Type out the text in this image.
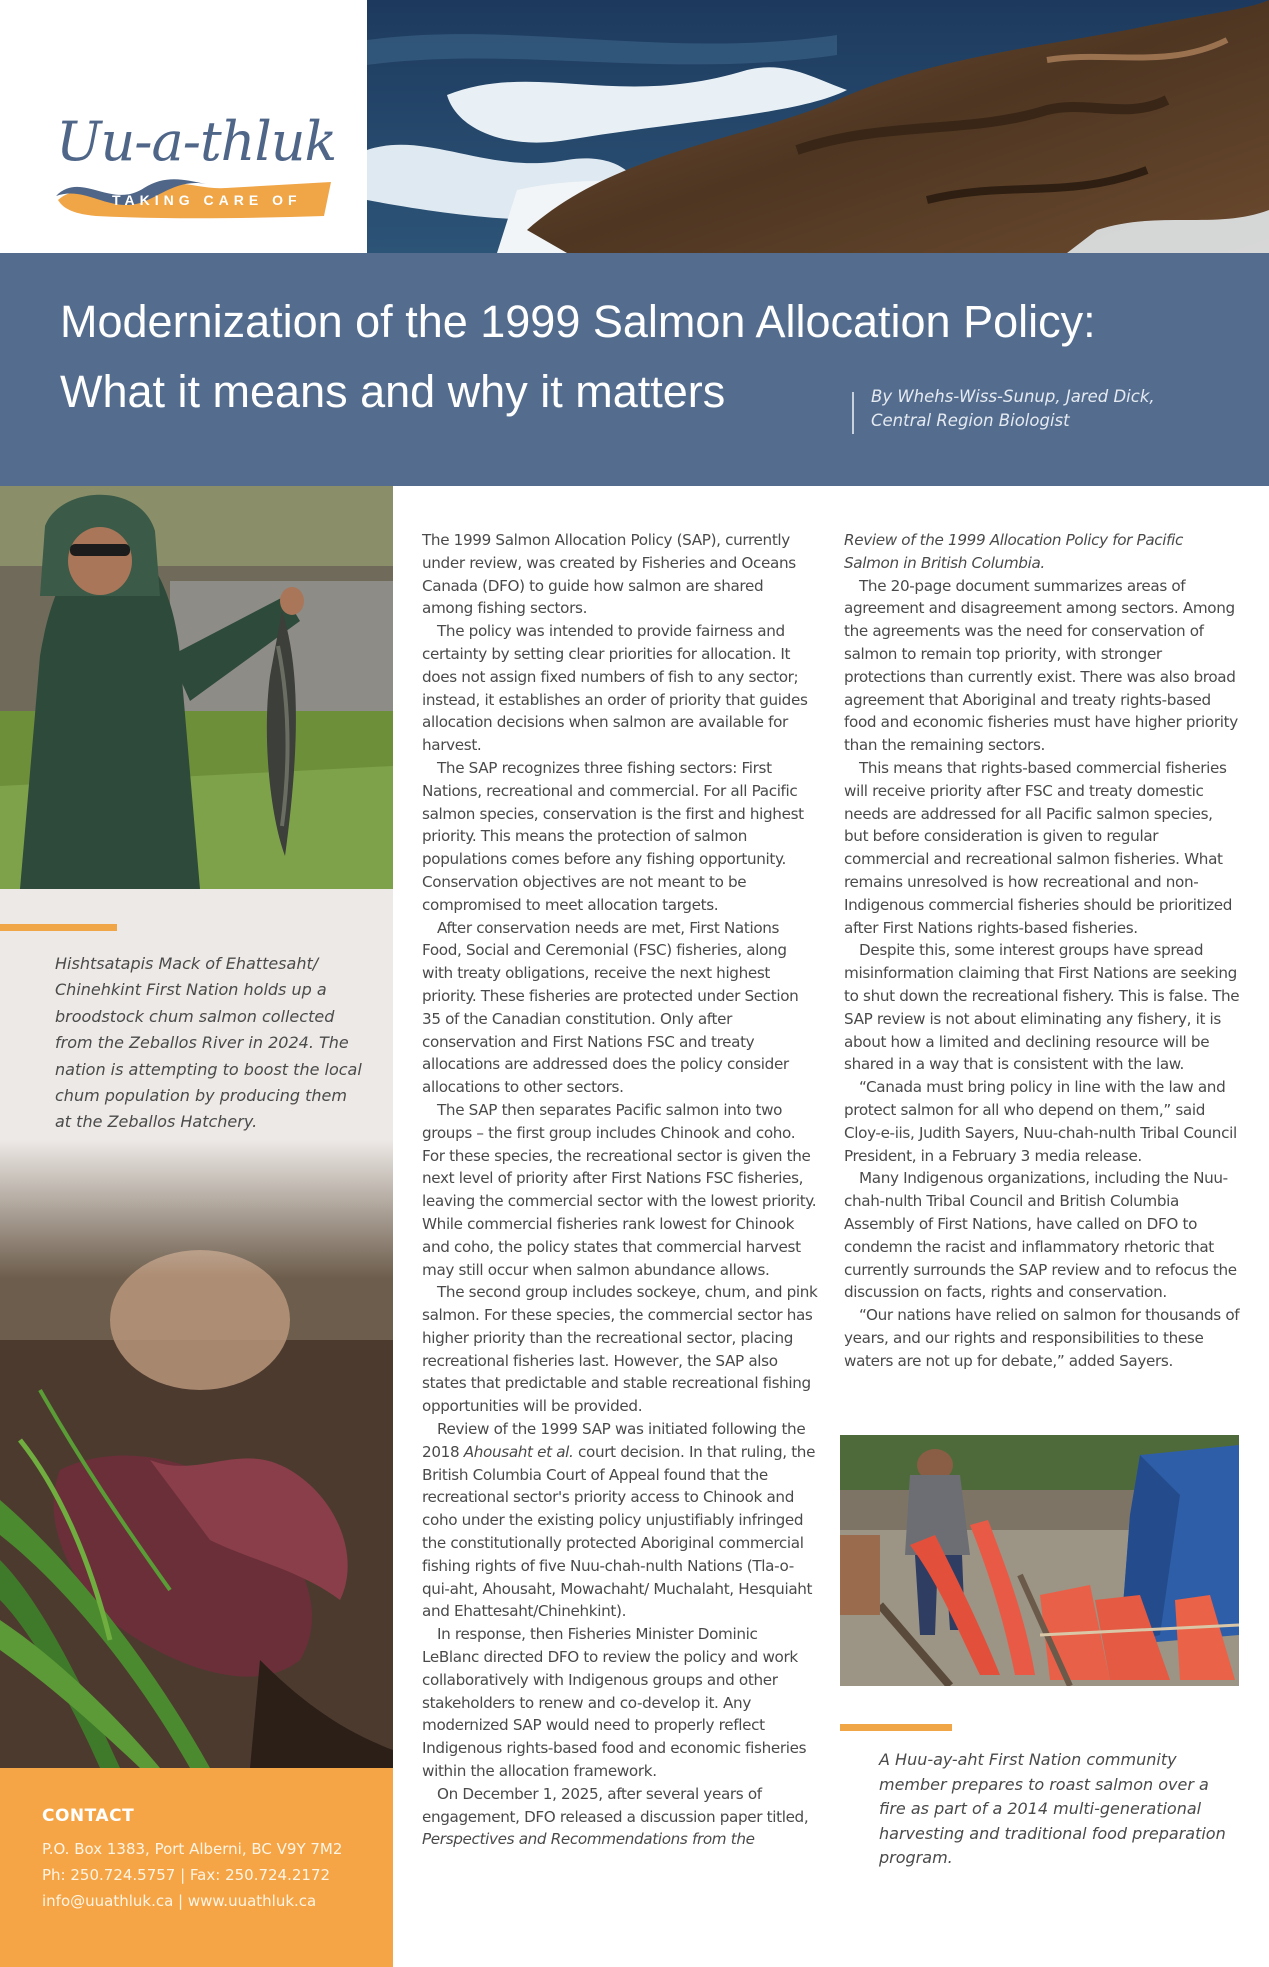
Uu-a-thluk
TAKING CARE OF
Modernization of the 1999 Salmon Allocation Policy:
What it means and why it matters	By Whehs-Wiss-Sunup, Jared Dick,
Central Region Biologist
Hishtsatapis Mack of Ehattesaht/ Chinehkint First Nation holds up a broodstock chum salmon collected from the Zeballos River in 2024. The nation is attempting to boost the local chum population by producing them at the Zeballos Hatchery.
CONTACT
P.O. Box 1383, Port Alberni, BC V9Y 7M2
Ph: 250.724.5757 | Fax: 250.724.2172
info@uuathluk.ca | www.uuathluk.ca

The 1999 Salmon Allocation Policy (SAP), currently under review, was created by Fisheries and Oceans Canada (DFO) to guide how salmon are shared among fishing sectors.

The policy was intended to provide fairness and certainty by setting clear priorities for allocation. It does not assign fixed numbers of fish to any sector; instead, it establishes an order of priority that guides allocation decisions when salmon are available for harvest.

The SAP recognizes three fishing sectors: First Nations, recreational and commercial. For all Pacific salmon species, conservation is the first and highest priority. This means the protection of salmon populations comes before any fishing opportunity. Conservation objectives are not meant to be compromised to meet allocation targets.

After conservation needs are met, First Nations Food, Social and Ceremonial (FSC) fisheries, along with treaty obligations, receive the next highest priority. These fisheries are protected under Section 35 of the Canadian constitution. Only after conservation and First Nations FSC and treaty allocations are addressed does the policy consider allocations to other sectors.

The SAP then separates Pacific salmon into two groups – the first group includes Chinook and coho. For these species, the recreational sector is given the next level of priority after First Nations FSC fisheries, leaving the commercial sector with the lowest priority. While commercial fisheries rank lowest for Chinook and coho, the policy states that commercial harvest may still occur when salmon abundance allows.

The second group includes sockeye, chum, and pink salmon. For these species, the commercial sector has higher priority than the recreational sector, placing recreational fisheries last. However, the SAP also states that predictable and stable recreational fishing opportunities will be provided.

Review of the 1999 SAP was initiated following the 2018 Ahousaht et al. court decision. In that ruling, the British Columbia Court of Appeal found that the recreational sector's priority access to Chinook and coho under the existing policy unjustifiably infringed the constitutionally protected Aboriginal commercial fishing rights of five Nuu-chah-nulth Nations (Tla-o-qui-aht, Ahousaht, Mowachaht/ Muchalaht, Hesquiaht and Ehattesaht/Chinehkint).

In response, then Fisheries Minister Dominic LeBlanc directed DFO to review the policy and work collaboratively with Indigenous groups and other stakeholders to renew and co-develop it. Any modernized SAP would need to properly reflect Indigenous rights-based food and economic fisheries within the allocation framework.

On December 1, 2025, after several years of engagement, DFO released a discussion paper titled, Perspectives and Recommendations from the

Review of the 1999 Allocation Policy for Pacific Salmon in British Columbia.

The 20-page document summarizes areas of agreement and disagreement among sectors. Among the agreements was the need for conservation of salmon to remain top priority, with stronger protections than currently exist. There was also broad agreement that Aboriginal and treaty rights-based food and economic fisheries must have higher priority than the remaining sectors.

This means that rights-based commercial fisheries will receive priority after FSC and treaty domestic needs are addressed for all Pacific salmon species, but before consideration is given to regular commercial and recreational salmon fisheries. What remains unresolved is how recreational and non-Indigenous commercial fisheries should be prioritized after First Nations rights-based fisheries.

Despite this, some interest groups have spread misinformation claiming that First Nations are seeking to shut down the recreational fishery. This is false. The SAP review is not about eliminating any fishery, it is about how a limited and declining resource will be shared in a way that is consistent with the law.

“Canada must bring policy in line with the law and protect salmon for all who depend on them,” said Cloy-e-iis, Judith Sayers, Nuu-chah-nulth Tribal Council President, in a February 3 media release.

Many Indigenous organizations, including the Nuu-chah-nulth Tribal Council and British Columbia Assembly of First Nations, have called on DFO to condemn the racist and inflammatory rhetoric that currently surrounds the SAP review and to refocus the discussion on facts, rights and conservation.

“Our nations have relied on salmon for thousands of years, and our rights and responsibilities to these waters are not up for debate,” added Sayers.

A Huu-ay-aht First Nation community member prepares to roast salmon over a fire as part of a 2014 multi-generational harvesting and traditional food preparation program.
